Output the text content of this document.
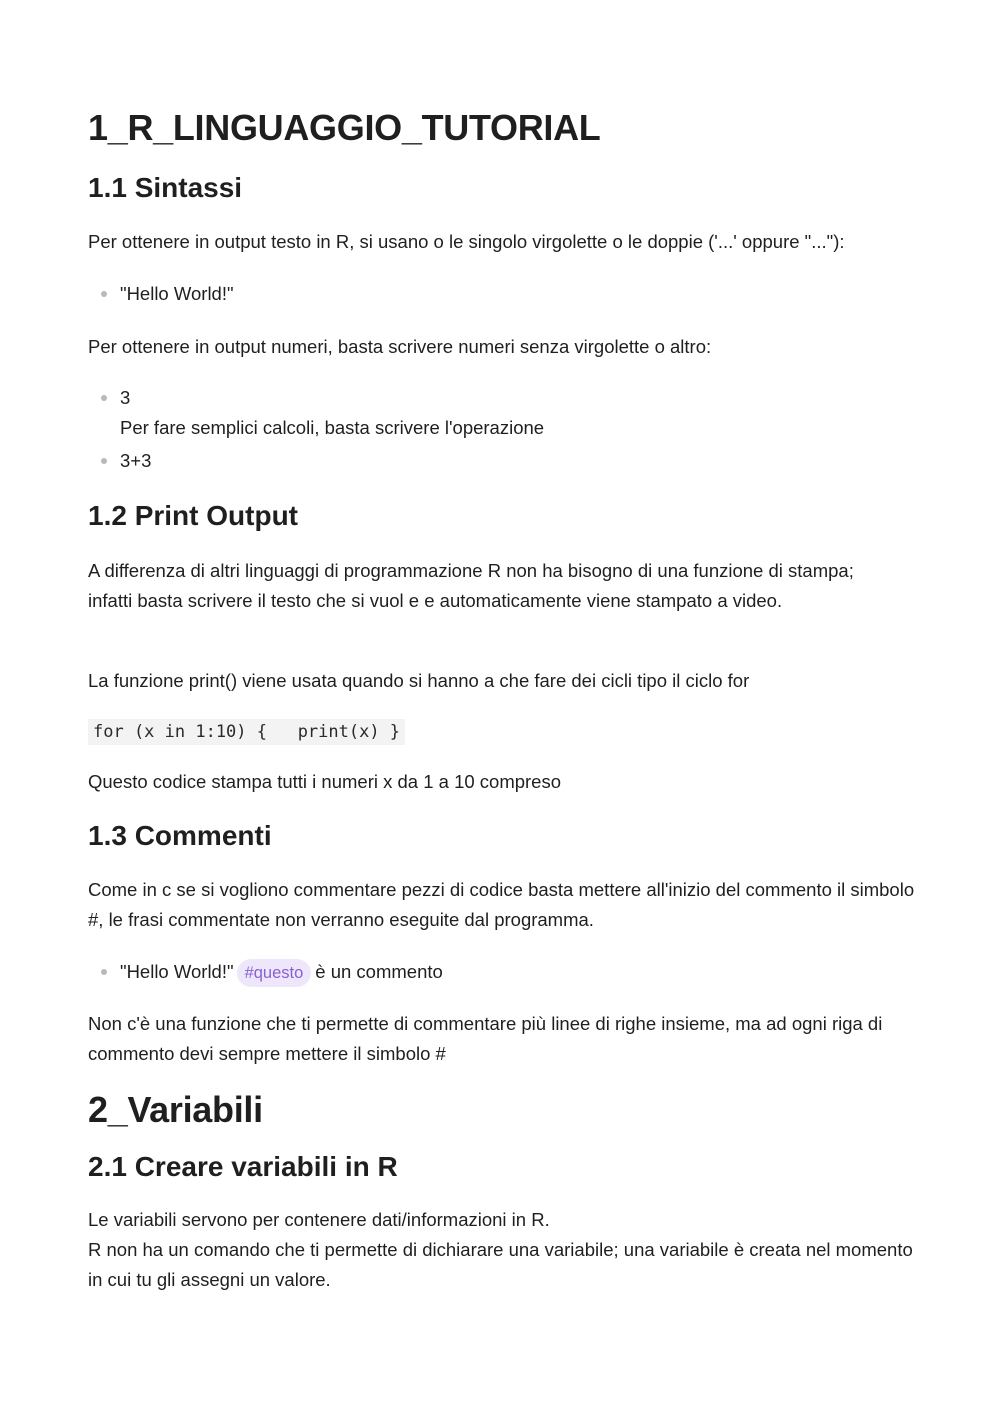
1_R_LINGUAGGIO_TUTORIAL
1.1 Sintassi

Per ottenere in output testo in R, si usano o le singolo virgolette o le doppie ('...' oppure "..."):

"Hello World!"

Per ottenere in output numeri, basta scrivere numeri senza virgolette o altro:

3
Per fare semplici calcoli, basta scrivere l'operazione
3+3
1.2 Print Output

A differenza di altri linguaggi di programmazione R non ha bisogno di una funzione di stampa; infatti basta scrivere il testo che si vuol e e automaticamente viene stampato a video.

La funzione print() viene usata quando si hanno a che fare dei cicli tipo il ciclo for

for (x in 1:10) {   print(x) }

Questo codice stampa tutti i numeri x da 1 a 10 compreso

1.3 Commenti

Come in c se si vogliono commentare pezzi di codice basta mettere all'inizio del commento il simbolo #, le frasi commentate non verranno eseguite dal programma.

"Hello World!" #questo è un commento

Non c'è una funzione che ti permette di commentare più linee di righe insieme, ma ad ogni riga di commento devi sempre mettere il simbolo #

2_Variabili
2.1 Creare variabili in R

Le variabili servono per contenere dati/informazioni in R.
R non ha un comando che ti permette di dichiarare una variabile; una variabile è creata nel momento in cui tu gli assegni un valore.
